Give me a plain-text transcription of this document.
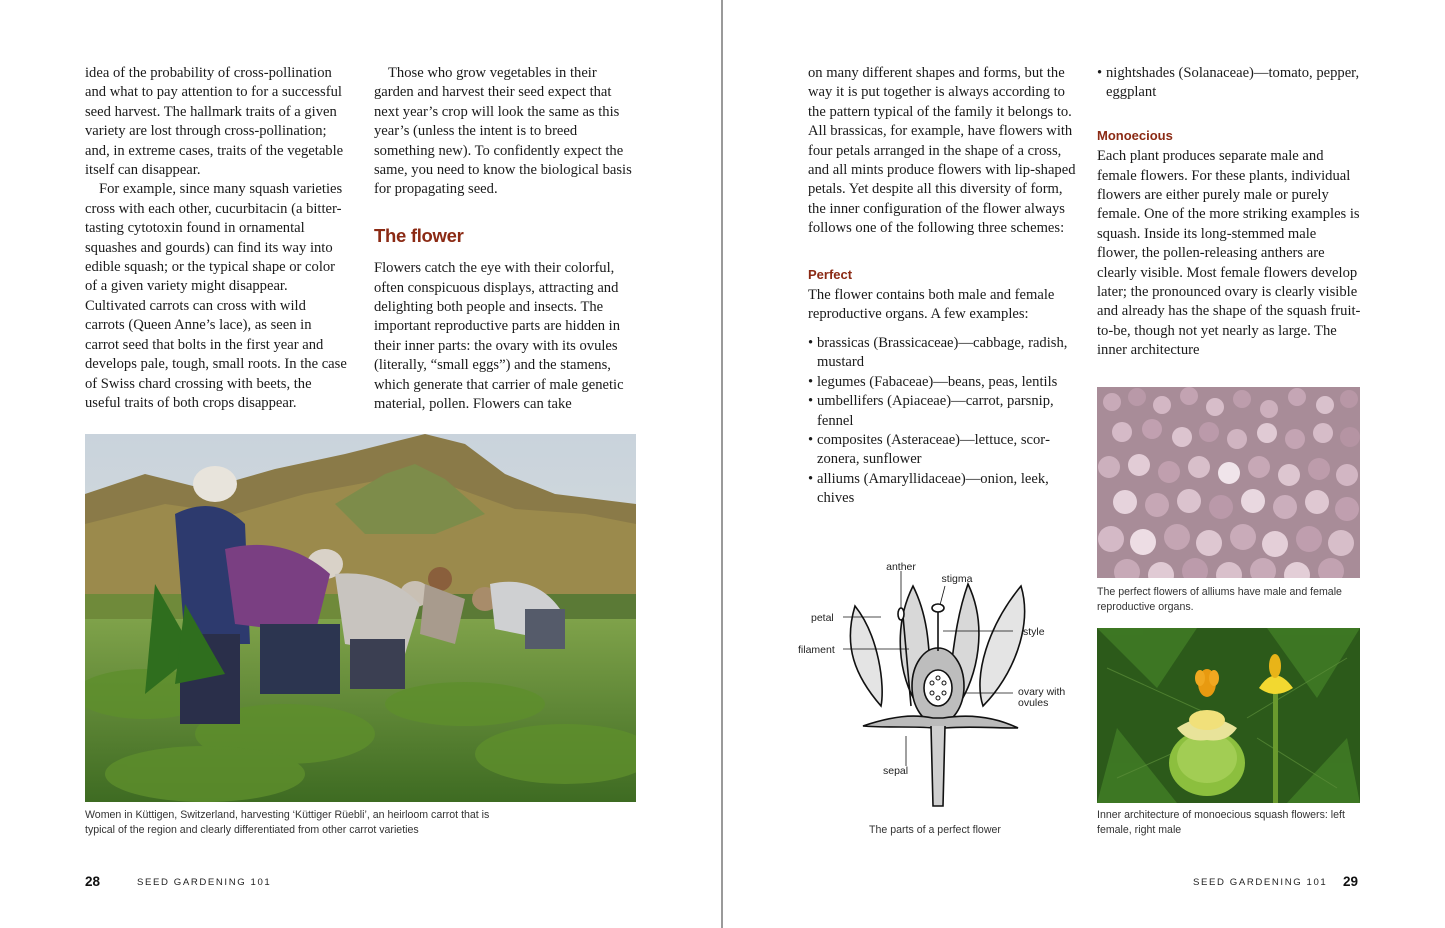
idea of the probability of cross-pollination and what to pay attention to for a successful seed harvest. The hallmark traits of a given variety are lost through cross-pollination; and, in extreme cases, traits of the vegetable itself can disappear.

For example, since many squash varieties cross with each other, cucurbitacin (a bitter-tasting cytotoxin found in ornamental squashes and gourds) can find its way into edible squash; or the typical shape or color of a given variety might disappear. Cultivated carrots can cross with wild carrots (Queen Anne’s lace), as seen in carrot seed that bolts in the first year and develops pale, tough, small roots. In the case of Swiss chard crossing with beets, the useful traits of both crops disappear.

Those who grow vegetables in their garden and harvest their seed expect that next year’s crop will look the same as this year’s (unless the intent is to breed something new). To confidently expect the same, you need to know the biological basis for propagating seed.

The flower

Flowers catch the eye with their colorful, often conspicuous displays, attracting and delighting both people and insects. The important reproductive parts are hidden in their inner parts: the ovary with its ovules (literally, “small eggs”) and the stamens, which generate that carrier of male genetic material, pollen. Flowers can take

Women in Küttigen, Switzerland, harvesting ‘Küttiger Rüebli’, an heirloom carrot that is typical of the region and clearly differentiated from other carrot varieties
28	SEED GARDENING 101

on many different shapes and forms, but the way it is put together is always according to the pattern typical of the family it belongs to. All brassicas, for example, have flowers with four petals arranged in the shape of a cross, and all mints produce flowers with lip-shaped petals. Yet despite all this diversity of form, the inner configuration of the flower always follows one of the following three schemes:

Perfect

The flower contains both male and female reproductive organs. A few examples:

• brassicas (Brassicaceae)—cabbage, radish, mustard
• legumes (Fabaceae)—beans, peas, lentils
• umbellifers (Apiaceae)—carrot, parsnip, fennel
• composites (Asteraceae)—lettuce, scorzonera, sunflower
• alliums (Amaryllidaceae)—onion, leek, chives
• nightshades (Solanaceae)—tomato, pepper, eggplant
Monoecious

Each plant produces separate male and female flowers. For these plants, individual flowers are either purely male or purely female. One of the more striking examples is squash. Inside its long-stemmed male flower, the pollen-releasing anthers are clearly visible. Most female flowers develop later; the pronounced ovary is clearly visible and already has the shape of the squash fruit-to-be, though not yet nearly as large. The inner architecture

anther
stigma
petal
style
filament
ovary with
ovules
sepal
The parts of a perfect flower
The perfect flowers of alliums have male and female reproductive organs.
Inner architecture of monoecious squash flowers: left female, right male
SEED GARDENING 101 29
